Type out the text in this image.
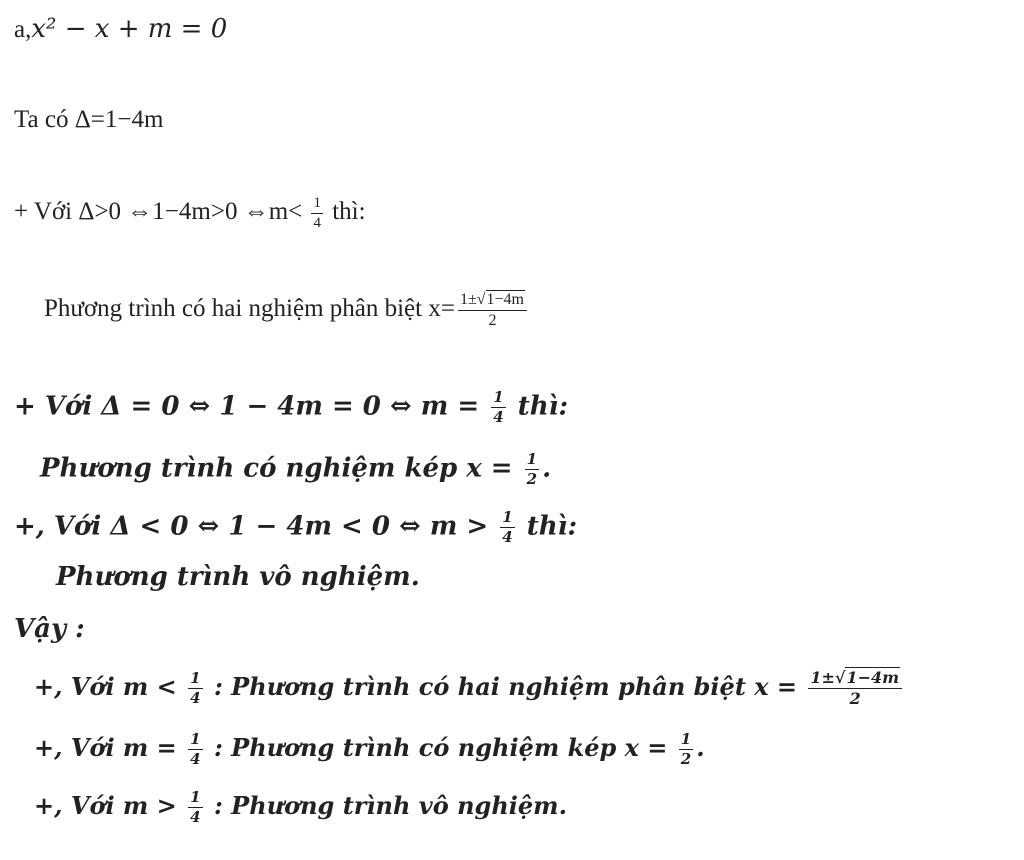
a,x² − x + m = 0
Ta có Δ=1−4m
+ Với Δ>0 ⇔1−4m>0 ⇔m< $\frac{1}{4}$ thì:
Phương trình có hai nghiệm phân biệt $x= \frac{1\pm√1-4m}{2}$
+ Với Δ = 0 ⇔ 1 − 4m = 0 ⇔ $m = \frac{1}{4}$ thì:
Phương trình có nghiệm kép $x = \frac{1}{2}$ .
+, Với Δ < 0 ⇔ 1 − 4m < 0 ⇔ $m > \frac{1}{4}$ thì:
Phương trình vô nghiệm.
Vậy :
+, Với $m < \frac{1}{4}$ : Phương trình có hai nghiệm phân biệt $x = \frac{1\pm√1-4m}{2}$
+, Với $m = \frac{1}{4}$ : Phương trình có nghiệm kép $x = \frac{1}{2}$ .
+, Với $m > \frac{1}{4}$ : Phương trình vô nghiệm.
